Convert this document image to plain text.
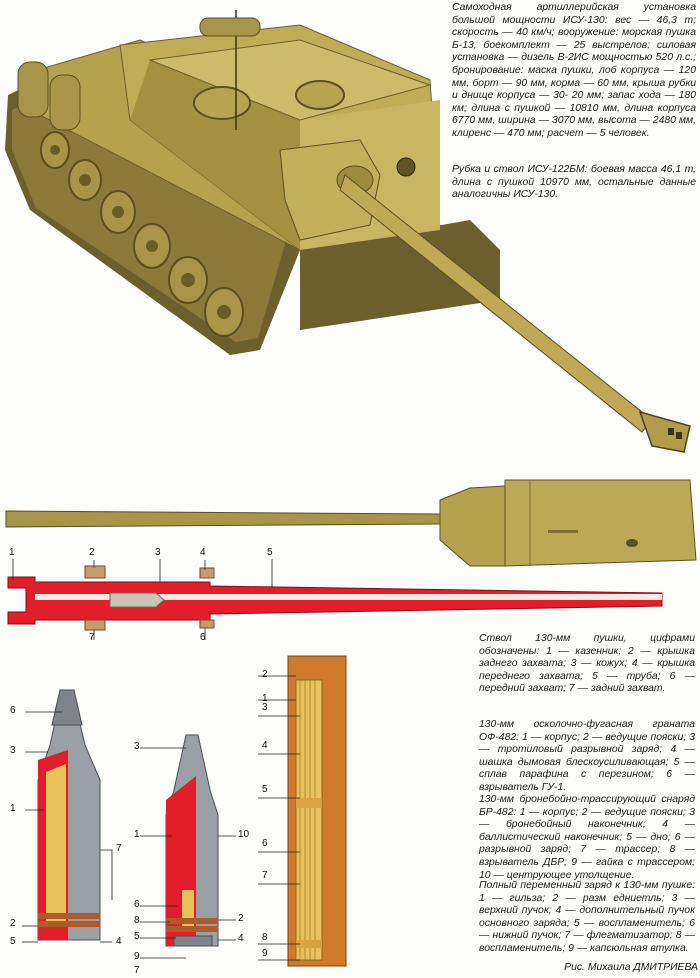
Самоходная артиллерийская установка большой мощности ИСУ-130: вес — 46,3 т; скорость — 40 км/ч; вооружение: морская пушка Б-13, боекомплект — 25 выстрелов; силовая установка — дизель В-2ИС мощностью 520 л.с.; бронирование: маска пушки, лоб корпуса — 120 мм, борт — 90 мм, корма — 60 мм, крыша рубки и днище корпуса — 30- 20 мм; запас хода — 180 км; длина с пушкой — 10810 мм, длина корпуса 6770 мм, ширина — 3070 мм, высота — 2480 мм, клиренс — 470 мм; расчет — 5 человек.

Рубка и ствол ИСУ-122БМ: боевая масса 46,1 т, длина с пушкой 10970 мм, остальные данные аналогичны ИСУ-130.

Ствол 130-мм пушки, цифрами обозначены: 1 — казенник; 2 — крышка заднего захвата; 3 — кожух; 4 — крышка переднего захвата; 5 — труба; 6 — передний захват; 7 — задний захват.

130-мм осколочно-фугасная граната ОФ-482: 1 — корпус; 2 — ведущие пояски; 3 — тротиловый разрывной заряд; 4 — шашка дымовая блескоусиливающая; 5 — сплав парафина с перезином; 6 — взрыватель ГУ-1.

130-мм бронебойно-трассирующий снаряд БР-482: 1 — корпус; 2 — ведущие пояски; 3 — бронебойный наконечник; 4 — баллистический наконечник; 5 — дно; 6 — разрывной заряд; 7 — трассер; 8 — взрыватель ДБР; 9 — гайка с трассером; 10 — центрующее утолщение.

Полный переменный заряд к 130-мм пушке: 1 — гильза; 2 — разм едниетль; 3 — верхний пучок; 4 — дополнительный пучок основного заряда; 5 — воспламенитель; 6 — нижний пучок; 7 — флегматизатор; 8 — воспламенитель; 9 — капсюльная втулка.

Рис. Михаила ДМИТРИЕВА

1	2	3	4	5
7	6
6
3
1
7
2
5	4
3
1
6
8
5
9
7
10
2
4
2
1
3
4
5
6
7
8
9
